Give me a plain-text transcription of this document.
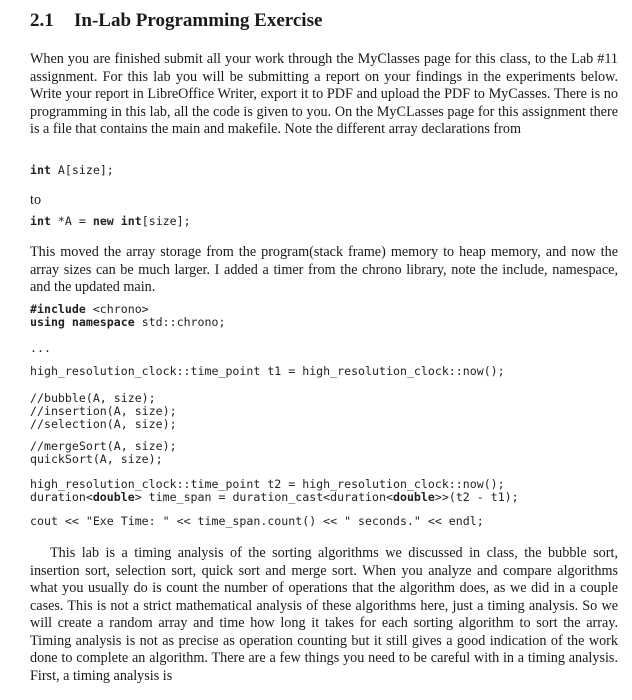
2.1 In-Lab Programming Exercise
When you are finished submit all your work through the MyClasses page for this class, to the Lab #11 assignment. For this lab you will be submitting a report on your findings in the experiments below. Write your report in LibreOffice Writer, export it to PDF and upload the PDF to MyCasses. There is no programming in this lab, all the code is given to you. On the MyCLasses page for this assignment there is a file that contains the main and makefile. Note the different array declarations from
int A[size];
to
int *A = new int[size];
This moved the array storage from the program(stack frame) memory to heap memory, and now the array sizes can be much larger. I added a timer from the chrono library, note the include, namespace, and the updated main.
#include <chrono>
using namespace std::chrono;
...
high_resolution_clock::time_point t1 = high_resolution_clock::now();
//bubble(A, size);
//insertion(A, size);
//selection(A, size);
//mergeSort(A, size);
quickSort(A, size);
high_resolution_clock::time_point t2 = high_resolution_clock::now();
duration<double> time_span = duration_cast<duration<double>>(t2 - t1);
cout << "Exe Time: " << time_span.count() << " seconds." << endl;
This lab is a timing analysis of the sorting algorithms we discussed in class, the bubble sort, insertion sort, selection sort, quick sort and merge sort. When you analyze and compare algorithms what you usually do is count the number of operations that the algorithm does, as we did in a couple cases. This is not a strict mathematical analysis of these algorithms here, just a timing analysis. So we will create a random array and time how long it takes for each sorting algorithm to sort the array. Timing analysis is not as precise as operation counting but it still gives a good indication of the work done to complete an algorithm. There are a few things you need to be careful with in a timing analysis. First, a timing analysis is
